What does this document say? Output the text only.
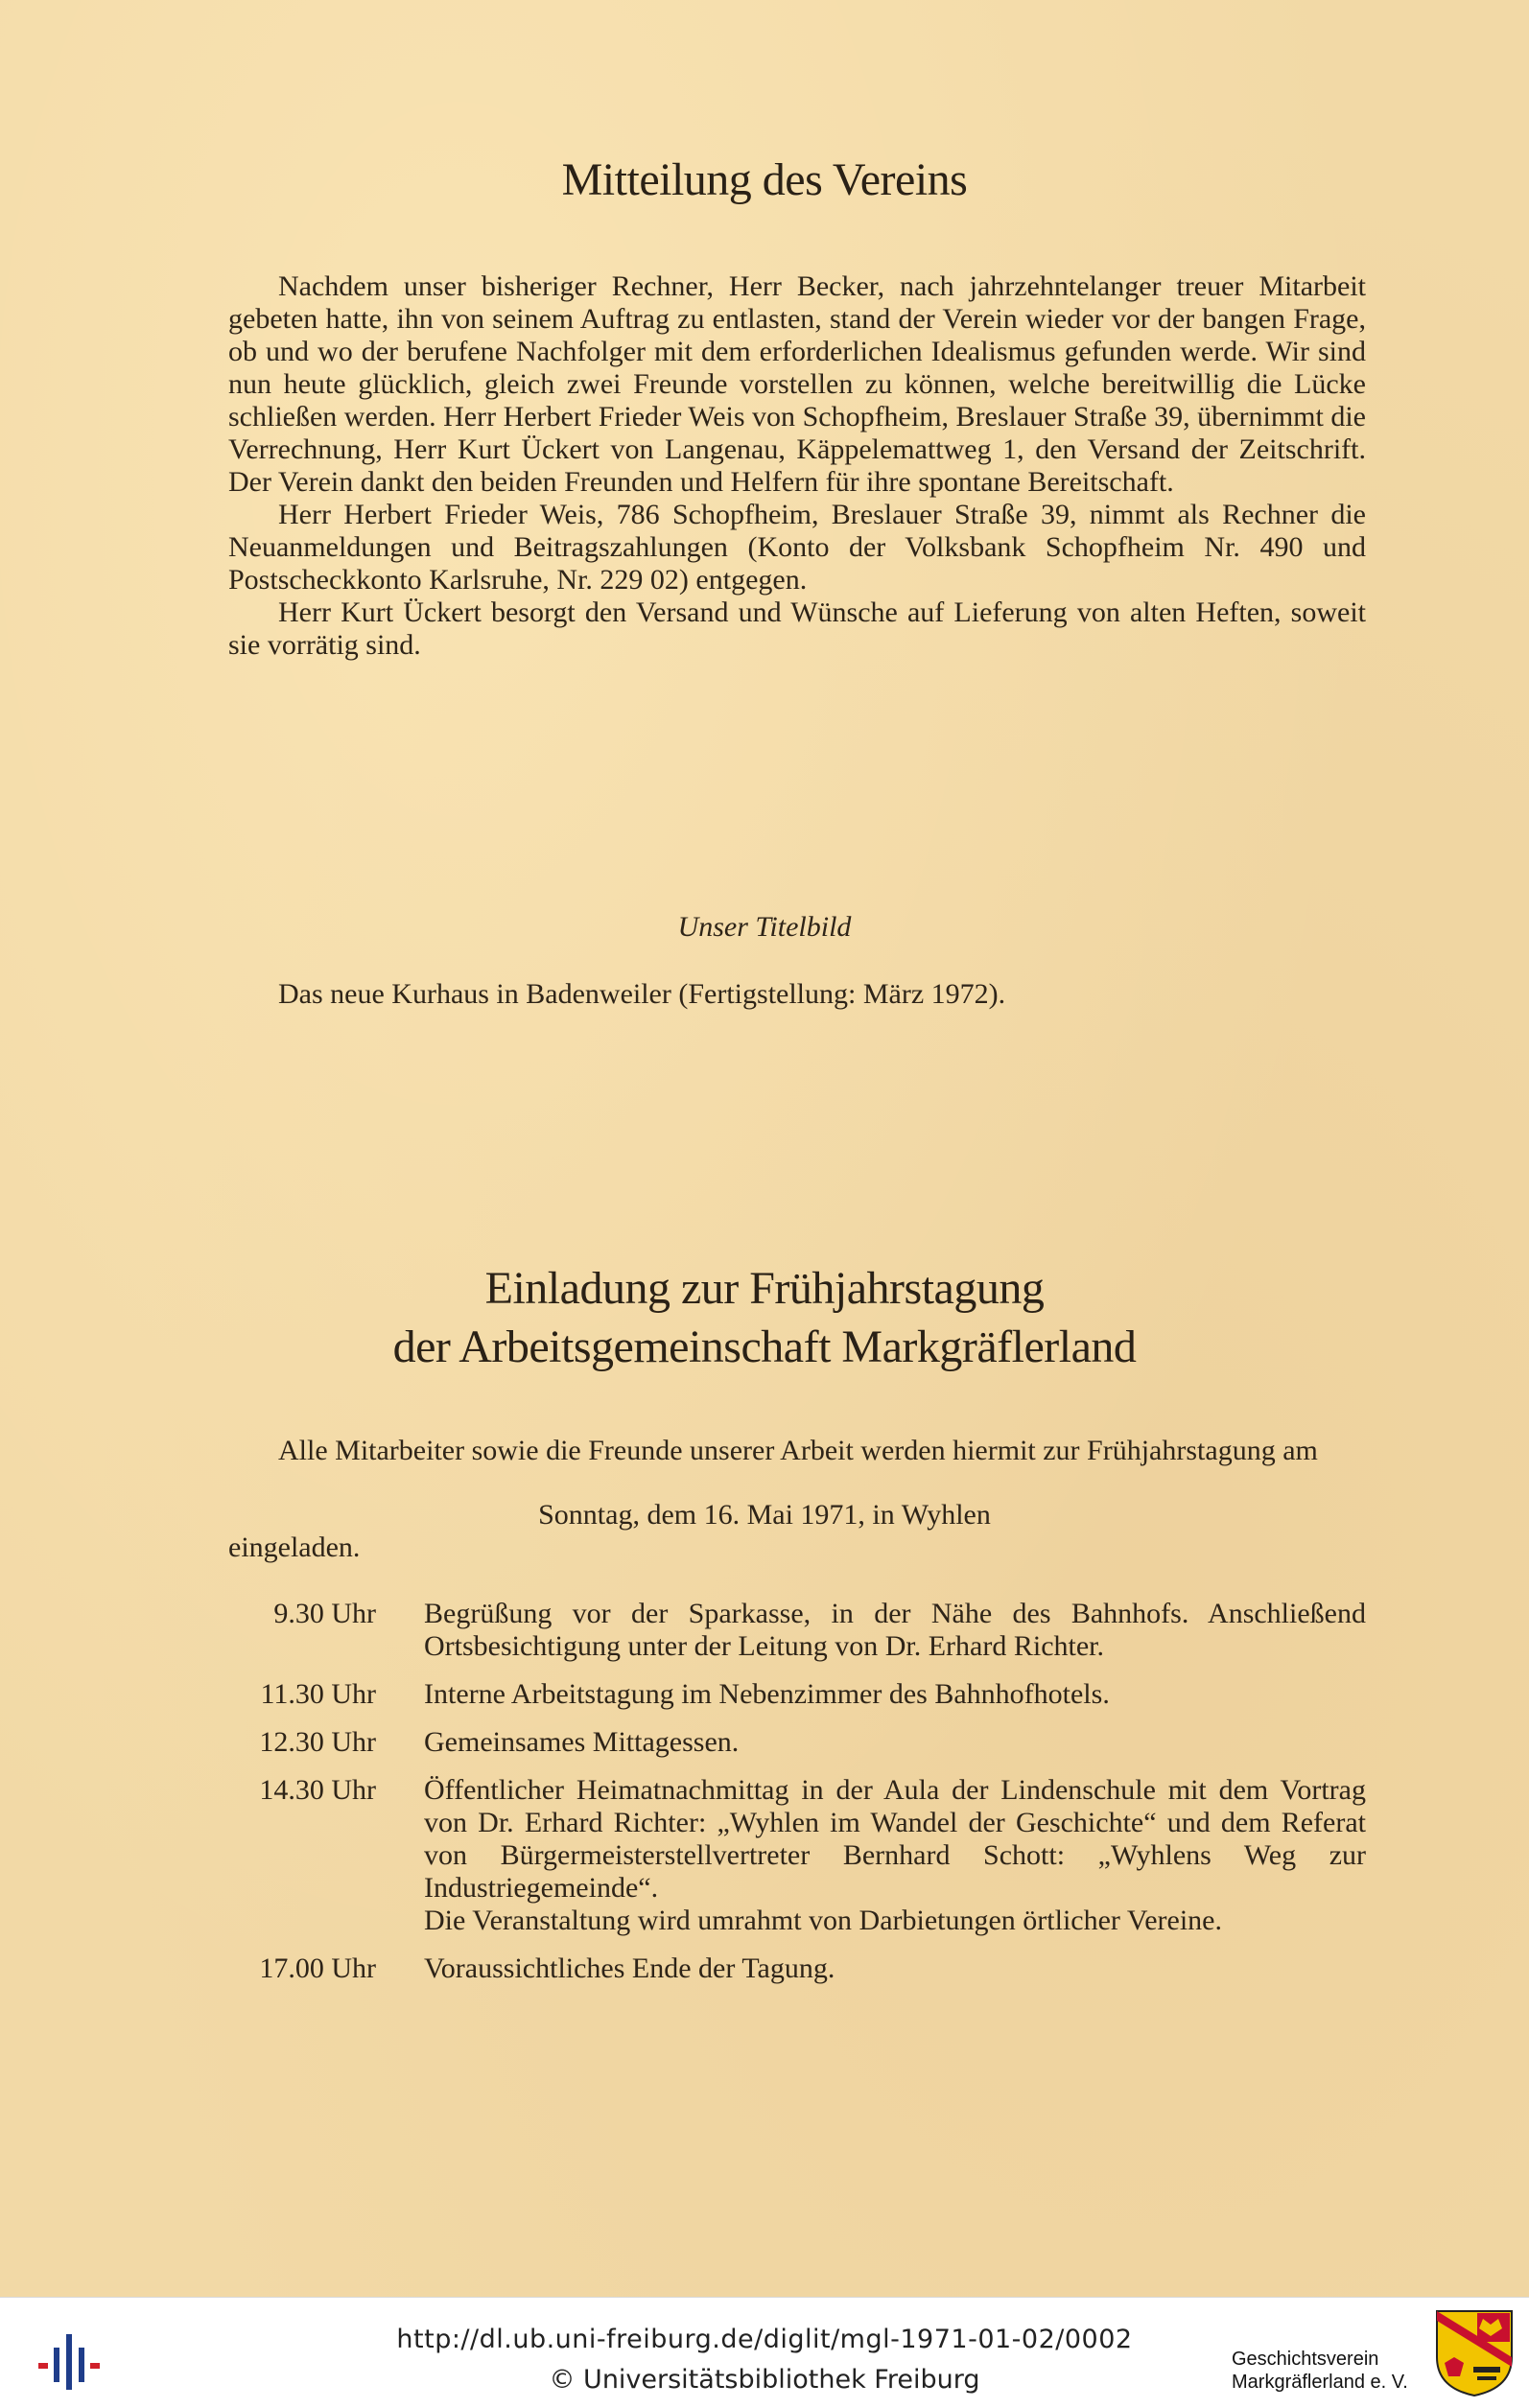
Mitteilung des Vereins

Nachdem unser bisheriger Rechner, Herr Becker, nach jahrzehntelanger treuer Mitarbeit gebeten hatte, ihn von seinem Auftrag zu entlasten, stand der Verein wieder vor der bangen Frage, ob und wo der berufene Nachfolger mit dem erforderlichen Idealismus gefunden werde. Wir sind nun heute glücklich, gleich zwei Freunde vorstellen zu können, welche bereitwillig die Lücke schließen werden. Herr Herbert Frieder Weis von Schopfheim, Breslauer Straße 39, übernimmt die Verrechnung, Herr Kurt Ückert von Langenau, Käppelemattweg 1, den Versand der Zeitschrift. Der Verein dankt den beiden Freunden und Helfern für ihre spontane Bereitschaft.

Herr Herbert Frieder Weis, 786 Schopfheim, Breslauer Straße 39, nimmt als Rechner die Neuanmeldungen und Beitragszahlungen (Konto der Volksbank Schopfheim Nr. 490 und Postscheckkonto Karlsruhe, Nr. 229 02) entgegen.

Herr Kurt Ückert besorgt den Versand und Wünsche auf Lieferung von alten Heften, soweit sie vorrätig sind.

Unser Titelbild

Das neue Kurhaus in Badenweiler (Fertigstellung: März 1972).

Einladung zur Frühjahrstagung
der Arbeitsgemeinschaft Markgräflerland

Alle Mitarbeiter sowie die Freunde unserer Arbeit werden hiermit zur Frühjahrstagung am

Sonntag, dem 16. Mai 1971, in Wyhlen
eingeladen.
9.30 Uhr Begrüßung vor der Sparkasse, in der Nähe des Bahnhofs. Anschließend Ortsbesichtigung unter der Leitung von Dr. Erhard Richter.
11.30 Uhr Interne Arbeitstagung im Nebenzimmer des Bahnhofhotels.
12.30 Uhr Gemeinsames Mittagessen.
14.30 Uhr Öffentlicher Heimatnachmittag in der Aula der Lindenschule mit dem Vortrag von Dr. Erhard Richter: „Wyhlen im Wandel der Geschichte“ und dem Referat von Bürgermeisterstellvertreter Bernhard Schott: „Wyhlens Weg zur Industriegemeinde“.
Die Veranstaltung wird umrahmt von Darbietungen örtlicher Vereine.
17.00 Uhr Voraussichtliches Ende der Tagung.
http://dl.ub.uni-freiburg.de/diglit/mgl-1971-01-02/0002
© Universitätsbibliothek Freiburg
Geschichtsverein
Markgräflerland e. V.
